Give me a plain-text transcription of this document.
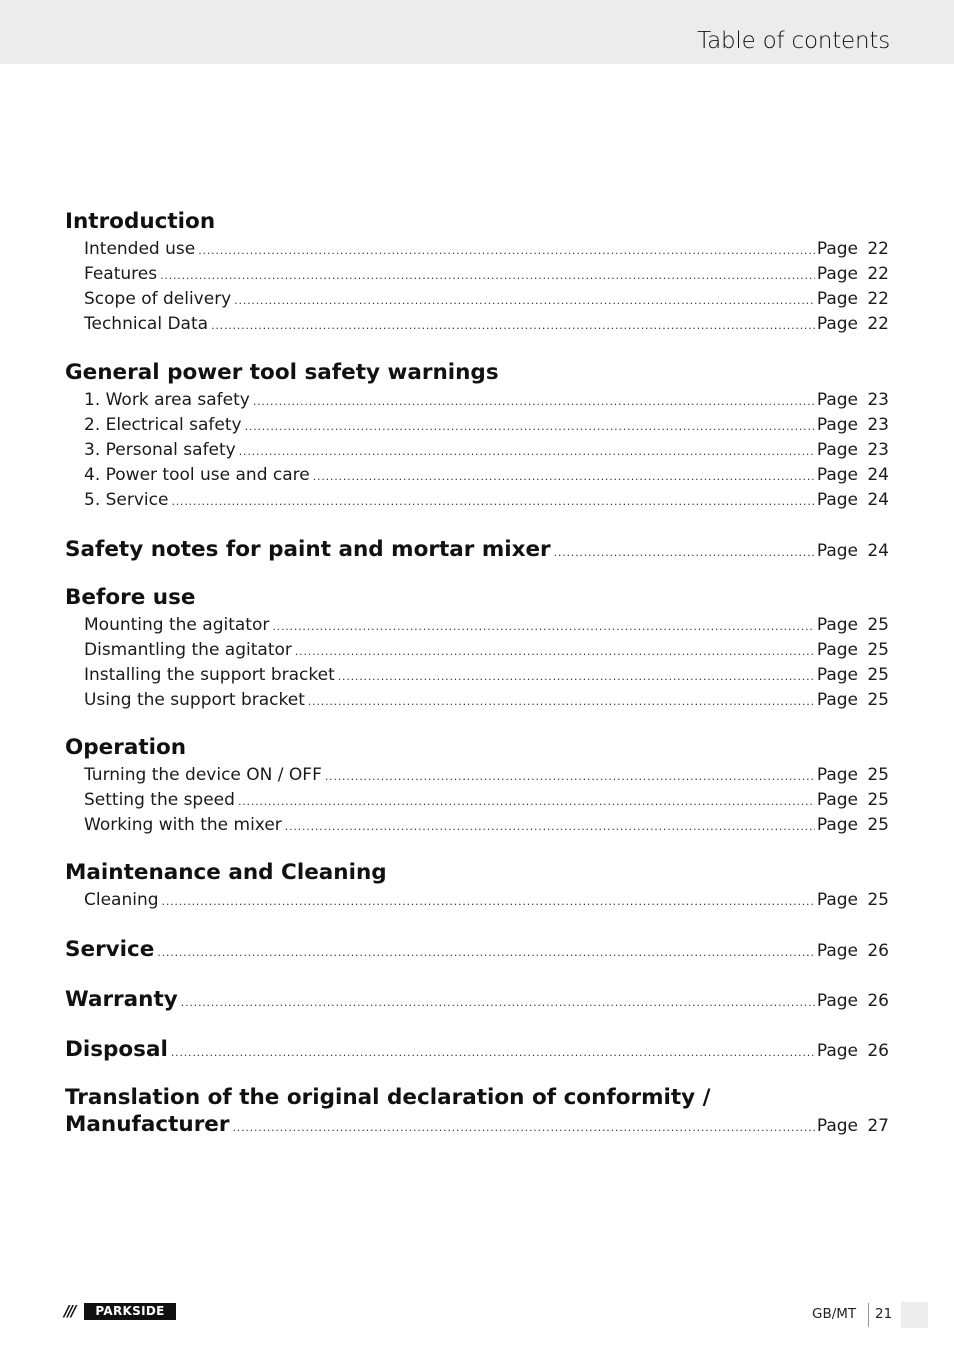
Table of contents
Introduction
Intended use .....	Page 22
Features .....	Page 22
Scope of delivery .....	Page 22
Technical Data .....	Page 22
General power tool safety warnings
1. Work area safety .....	Page 23
2. Electrical safety .....	Page 23
3. Personal safety .....	Page 23
4. Power tool use and care .....	Page 24
5. Service .....	Page 24
Safety notes for paint and mortar mixer .....	Page 24
Before use
Mounting the agitator .....	Page 25
Dismantling the agitator .....	Page 25
Installing the support bracket .....	Page 25
Using the support bracket .....	Page 25
Operation
Turning the device ON / OFF .....	Page 25
Setting the speed .....	Page 25
Working with the mixer .....	Page 25
Maintenance and Cleaning
Cleaning .....	Page 25
Service .....	Page 26
Warranty .....	Page 26
Disposal .....	Page 26
Translation of the original declaration of conformity /
Manufacturer .....	Page 27
///	PARKSIDE	GB/MT 21
